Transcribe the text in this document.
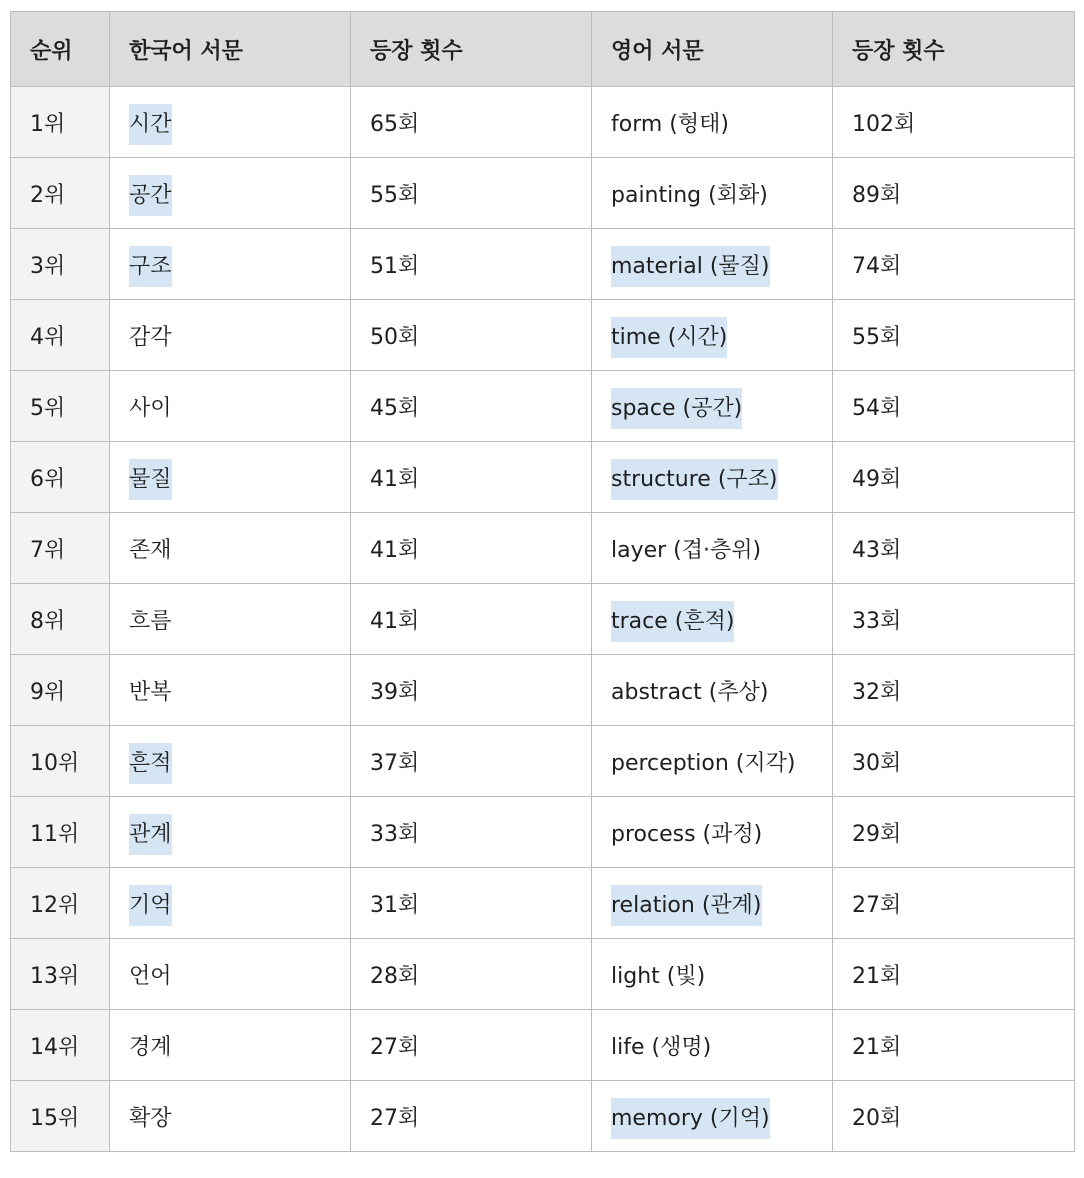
순위	한국어 서문	등장 횟수	영어 서문	등장 횟수
1위	시간	65회	form (형태)	102회
2위	공간	55회	painting (회화)	89회
3위	구조	51회	material (물질)	74회
4위	감각	50회	time (시간)	55회
5위	사이	45회	space (공간)	54회
6위	물질	41회	structure (구조)	49회
7위	존재	41회	layer (겹·층위)	43회
8위	흐름	41회	trace (흔적)	33회
9위	반복	39회	abstract (추상)	32회
10위	흔적	37회	perception (지각)	30회
11위	관계	33회	process (과정)	29회
12위	기억	31회	relation (관계)	27회
13위	언어	28회	light (빛)	21회
14위	경계	27회	life (생명)	21회
15위	확장	27회	memory (기억)	20회
